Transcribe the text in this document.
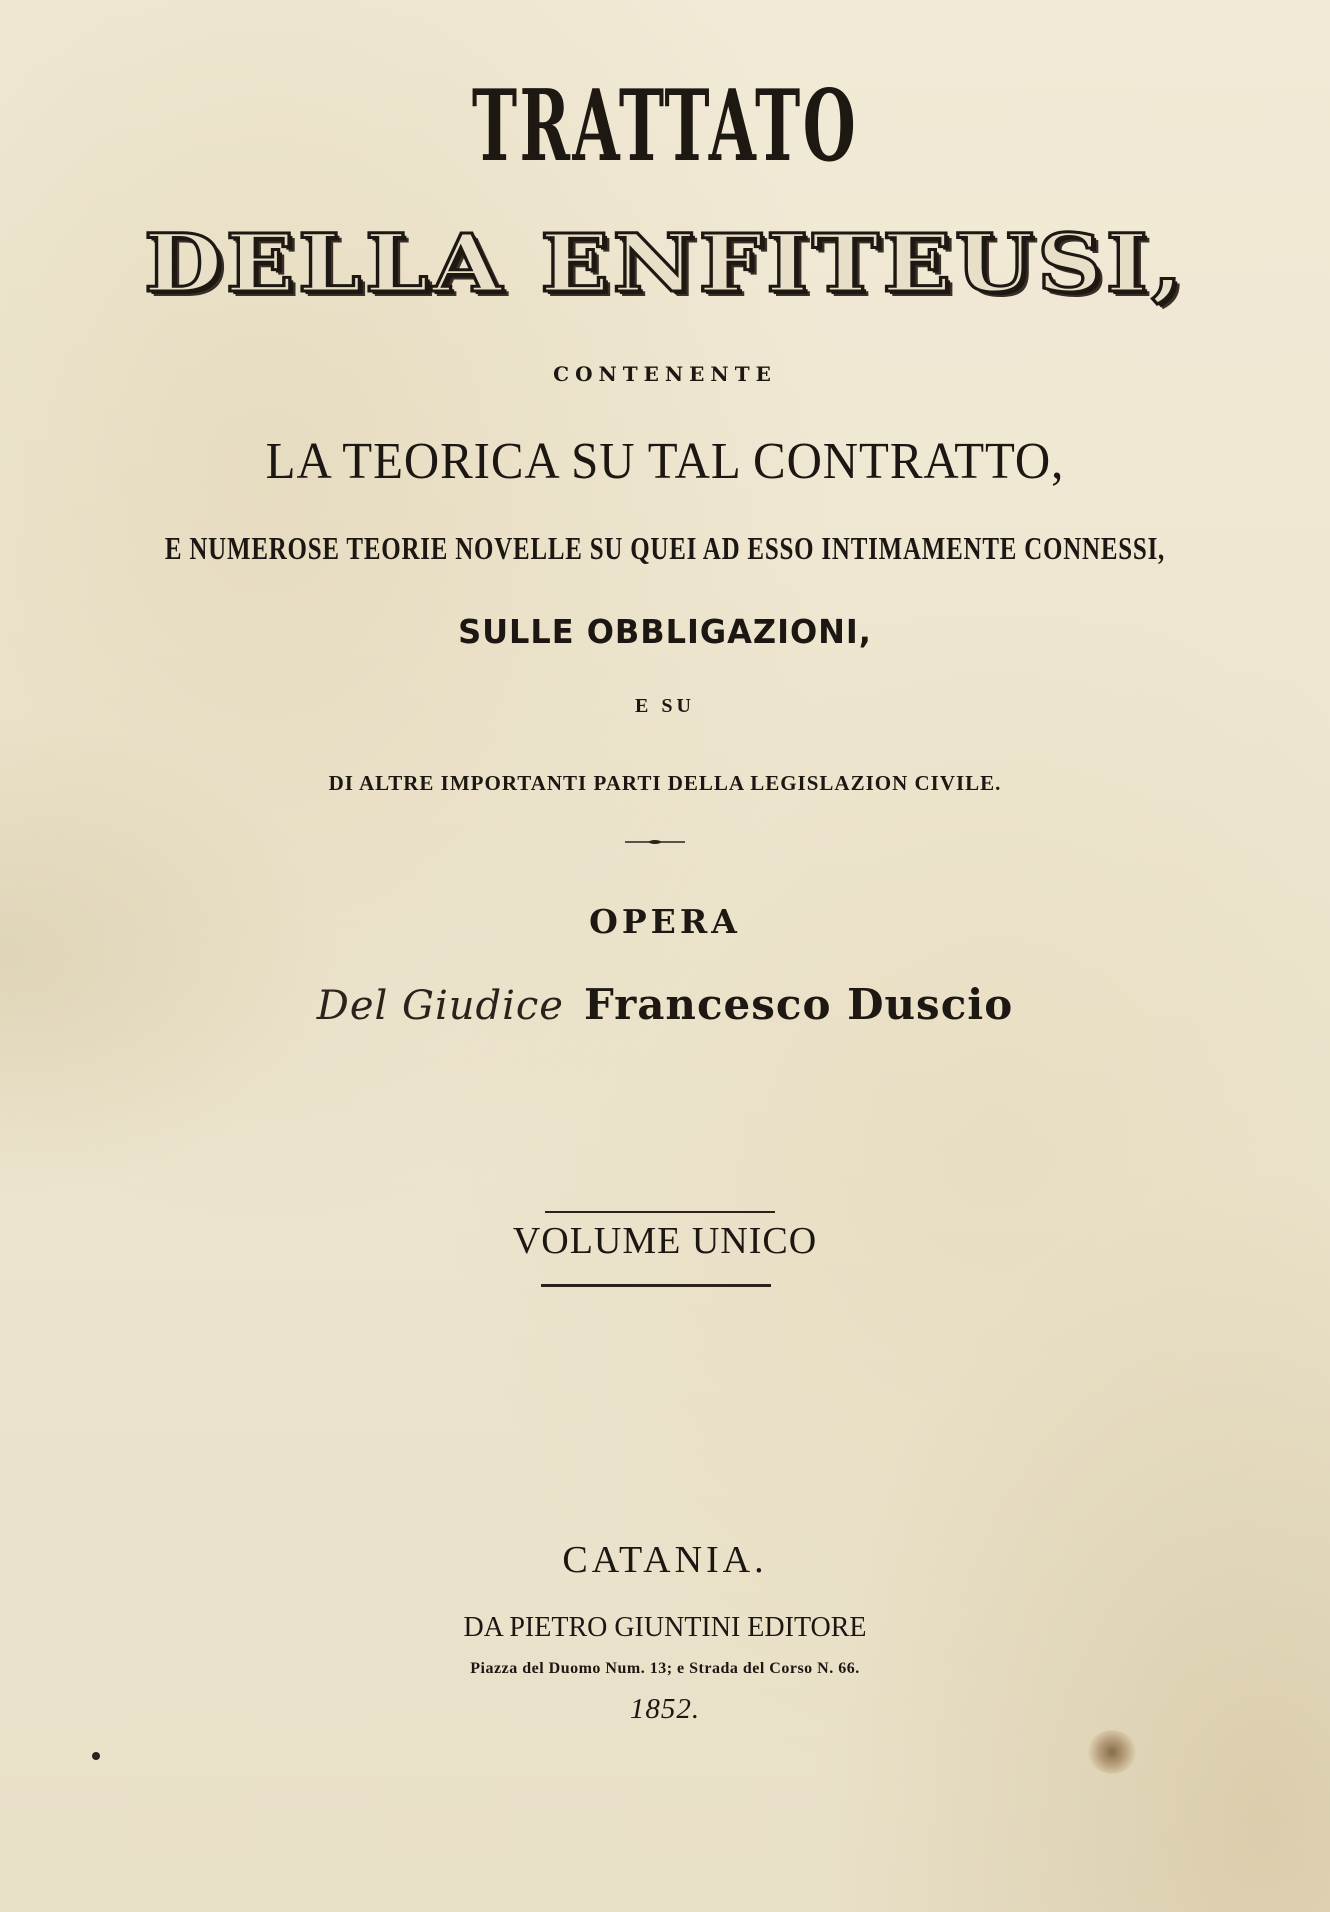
TRATTATO
DELLA ENFITEUSI,
CONTENENTE
LA TEORICA SU TAL CONTRATTO,
E NUMEROSE TEORIE NOVELLE SU QUEI AD ESSO INTIMAMENTE CONNESSI,
SULLE OBBLIGAZIONI,
E SU
DI ALTRE IMPORTANTI PARTI DELLA LEGISLAZION CIVILE.
OPERA
Del Giudice Francesco Duscio
VOLUME UNICO
CATANIA.
DA PIETRO GIUNTINI EDITORE
Piazza del Duomo Num. 13; e Strada del Corso N. 66.
1852.
